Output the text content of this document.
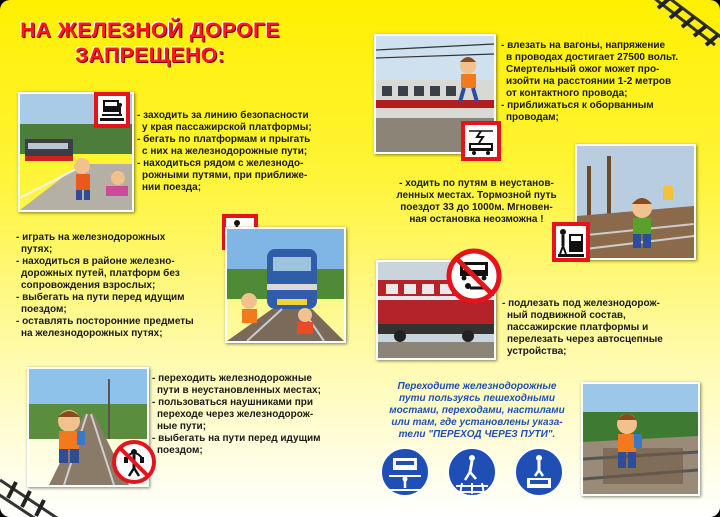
НА ЖЕЛЕЗНОЙ ДОРОГЕ
ЗАПРЕЩЕНО:
- заходить за линию безопасности
у края пассажирской платформы;
- бегать по платформам и прыгать
с них на железнодорожные пути;
- находиться рядом с железнодо-
рожными путями, при приближе-
нии поезда;
- играть на железнодорожных
путях;
- находиться в районе железно-
дорожных путей, платформ без
сопровождения взрослых;
- выбегать на пути перед идущим
поездом;
- оставлять посторонние предметы
на железнодорожных путях;
- переходить железнодорожные
пути в неустановленных местах;
- пользоваться наушниками при
переходе через железнодорож-
ные пути;
- выбегать на пути перед идущим
поездом;
- влезать на вагоны, напряжение
в проводах достигает 27500 вольт.
Смертельный ожог может про-
изойти на расстоянии 1-2 метров
от контактного провода;
- приближаться к оборванным
проводам;
- ходить по путям в неустанов-
ленных местах. Тормозной путь
поездот 33 до 1000м. Мгновен-
ная остановка неозможна !
- подлезать под железнодорож-
ный подвижной состав,
пассажирские платформы и
перелезать через автосцепные
устройства;
Переходите железнодорожные
пути пользуясь пешеходными
мостами, переходами, настилами
или там, где установлены указа-
тели "ПЕРЕХОД ЧЕРЕЗ ПУТИ".
